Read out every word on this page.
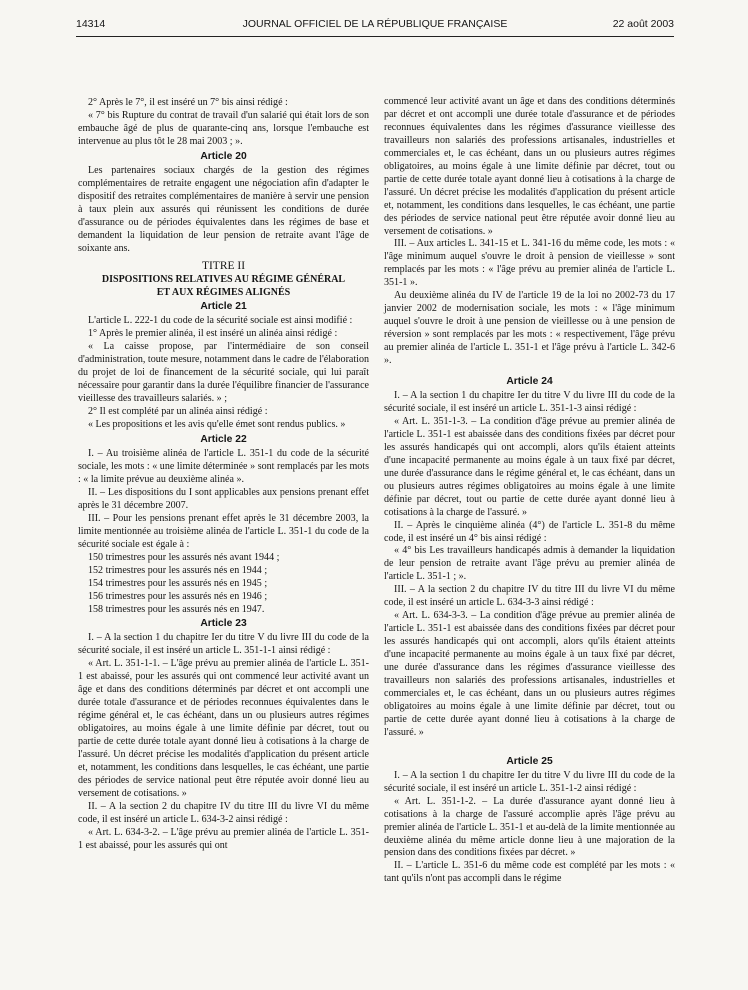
14314	JOURNAL OFFICIEL DE LA RÉPUBLIQUE FRANÇAISE	22 août 2003

2° Après le 7°, il est inséré un 7° bis ainsi rédigé :

« 7° bis Rupture du contrat de travail d'un salarié qui était lors de son embauche âgé de plus de quarante-cinq ans, lorsque l'embauche est intervenue au plus tôt le 28 mai 2003 ; ».

Article 20

Les partenaires sociaux chargés de la gestion des régimes complémentaires de retraite engagent une négociation afin d'adapter le dispositif des retraites complémentaires de manière à servir une pension à taux plein aux assurés qui réunissent les conditions de durée d'assurance ou de périodes équivalentes dans les régimes de base et demandent la liquidation de leur pension de retraite avant l'âge de soixante ans.

TITRE II
DISPOSITIONS RELATIVES AU RÉGIME GÉNÉRAL
ET AUX RÉGIMES ALIGNÉS
Article 21

L'article L. 222-1 du code de la sécurité sociale est ainsi modifié :

1° Après le premier alinéa, il est inséré un alinéa ainsi rédigé :

« La caisse propose, par l'intermédiaire de son conseil d'administration, toute mesure, notamment dans le cadre de l'élaboration du projet de loi de financement de la sécurité sociale, qui lui paraît nécessaire pour garantir dans la durée l'équilibre financier de l'assurance vieillesse des travailleurs salariés. » ;

2° Il est complété par un alinéa ainsi rédigé :

« Les propositions et les avis qu'elle émet sont rendus publics. »

Article 22

I. – Au troisième alinéa de l'article L. 351-1 du code de la sécurité sociale, les mots : « une limite déterminée » sont remplacés par les mots : « la limite prévue au deuxième alinéa ».

II. – Les dispositions du I sont applicables aux pensions prenant effet après le 31 décembre 2007.

III. – Pour les pensions prenant effet après le 31 décembre 2003, la limite mentionnée au troisième alinéa de l'article L. 351-1 du code de la sécurité sociale est égale à :

150 trimestres pour les assurés nés avant 1944 ;
152 trimestres pour les assurés nés en 1944 ;
154 trimestres pour les assurés nés en 1945 ;
156 trimestres pour les assurés nés en 1946 ;
158 trimestres pour les assurés nés en 1947.
Article 23

I. – A la section 1 du chapitre Ier du titre V du livre III du code de la sécurité sociale, il est inséré un article L. 351-1-1 ainsi rédigé :

« Art. L. 351-1-1. – L'âge prévu au premier alinéa de l'article L. 351-1 est abaissé, pour les assurés qui ont commencé leur activité avant un âge et dans des conditions déterminés par décret et ont accompli une durée totale d'assurance et de périodes reconnues équivalentes dans le régime général et, le cas échéant, dans un ou plusieurs autres régimes obligatoires, au moins égale à une limite définie par décret, tout ou partie de cette durée totale ayant donné lieu à cotisations à la charge de l'assuré. Un décret précise les modalités d'application du présent article et, notamment, les conditions dans lesquelles, le cas échéant, une partie des périodes de service national peut être réputée avoir donné lieu au versement de cotisations. »

II. – A la section 2 du chapitre IV du titre III du livre VI du même code, il est inséré un article L. 634-3-2 ainsi rédigé :

« Art. L. 634-3-2. – L'âge prévu au premier alinéa de l'article L. 351-1 est abaissé, pour les assurés qui ont

commencé leur activité avant un âge et dans des conditions déterminés par décret et ont accompli une durée totale d'assurance et de périodes reconnues équivalentes dans les régimes d'assurance vieillesse des travailleurs non salariés des professions artisanales, industrielles et commerciales et, le cas échéant, dans un ou plusieurs autres régimes obligatoires, au moins égale à une limite définie par décret, tout ou partie de cette durée totale ayant donné lieu à cotisations à la charge de l'assuré. Un décret précise les modalités d'application du présent article et, notamment, les conditions dans lesquelles, le cas échéant, une partie des périodes de service national peut être réputée avoir donné lieu au versement de cotisations. »

III. – Aux articles L. 341-15 et L. 341-16 du même code, les mots : « l'âge minimum auquel s'ouvre le droit à pension de vieillesse » sont remplacés par les mots : « l'âge prévu au premier alinéa de l'article L. 351-1 ».

Au deuxième alinéa du IV de l'article 19 de la loi no 2002-73 du 17 janvier 2002 de modernisation sociale, les mots : « l'âge minimum auquel s'ouvre le droit à une pension de vieillesse ou à une pension de réversion » sont remplacés par les mots : « respectivement, l'âge prévu au premier alinéa de l'article L. 351-1 et l'âge prévu à l'article L. 342-6 ».

Article 24

I. – A la section 1 du chapitre Ier du titre V du livre III du code de la sécurité sociale, il est inséré un article L. 351-1-3 ainsi rédigé :

« Art. L. 351-1-3. – La condition d'âge prévue au premier alinéa de l'article L. 351-1 est abaissée dans des conditions fixées par décret pour les assurés handicapés qui ont accompli, alors qu'ils étaient atteints d'une incapacité permanente au moins égale à un taux fixé par décret, une durée d'assurance dans le régime général et, le cas échéant, dans un ou plusieurs autres régimes obligatoires au moins égale à une limite définie par décret, tout ou partie de cette durée ayant donné lieu à cotisations à la charge de l'assuré. »

II. – Après le cinquième alinéa (4°) de l'article L. 351-8 du même code, il est inséré un 4° bis ainsi rédigé :

« 4° bis Les travailleurs handicapés admis à demander la liquidation de leur pension de retraite avant l'âge prévu au premier alinéa de l'article L. 351-1 ; ».

III. – A la section 2 du chapitre IV du titre III du livre VI du même code, il est inséré un article L. 634-3-3 ainsi rédigé :

« Art. L. 634-3-3. – La condition d'âge prévue au premier alinéa de l'article L. 351-1 est abaissée dans des conditions fixées par décret pour les assurés handicapés qui ont accompli, alors qu'ils étaient atteints d'une incapacité permanente au moins égale à un taux fixé par décret, une durée d'assurance dans les régimes d'assurance vieillesse des travailleurs non salariés des professions artisanales, industrielles et commerciales et, le cas échéant, dans un ou plusieurs autres régimes obligatoires au moins égale à une limite définie par décret, tout ou partie de cette durée ayant donné lieu à cotisations à la charge de l'assuré. »

Article 25

I. – A la section 1 du chapitre Ier du titre V du livre III du code de la sécurité sociale, il est inséré un article L. 351-1-2 ainsi rédigé :

« Art. L. 351-1-2. – La durée d'assurance ayant donné lieu à cotisations à la charge de l'assuré accomplie après l'âge prévu au premier alinéa de l'article L. 351-1 et au-delà de la limite mentionnée au deuxième alinéa du même article donne lieu à une majoration de la pension dans des conditions fixées par décret. »

II. – L'article L. 351-6 du même code est complété par les mots : « tant qu'ils n'ont pas accompli dans le régime
